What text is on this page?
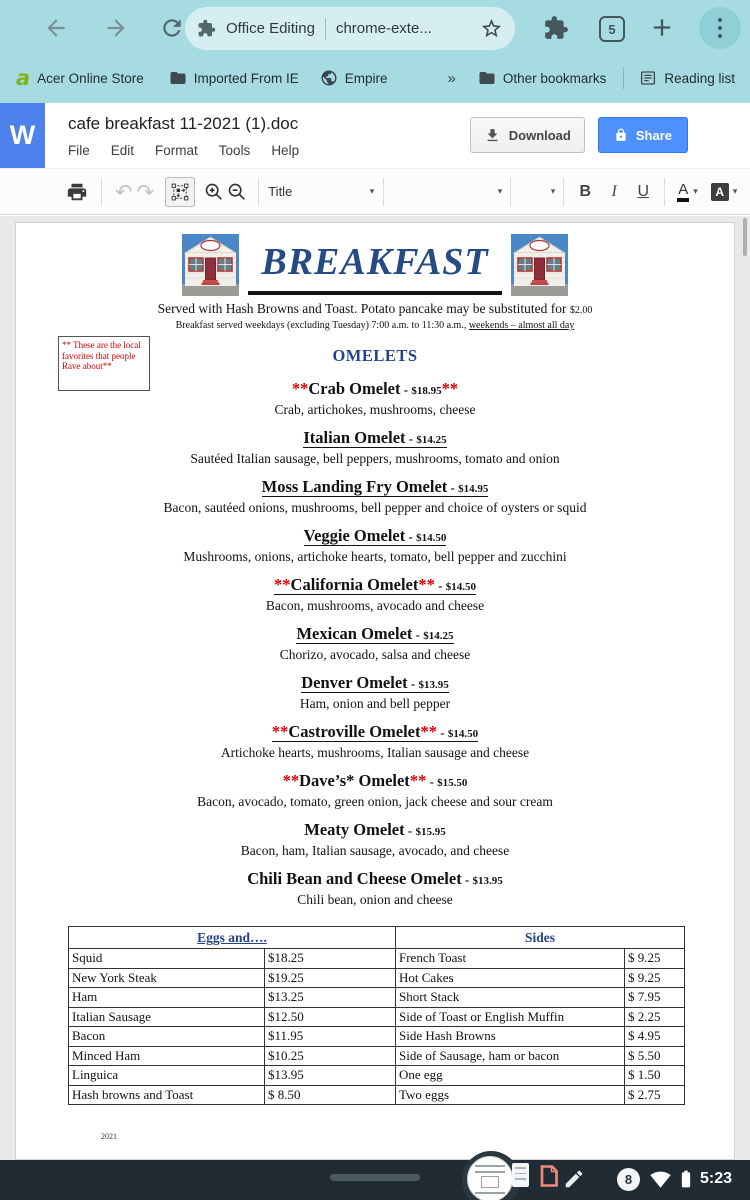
Office Editing chrome-exte...	5
a Acer Online Store	Imported From IE	Empire	»	Other bookmarks	Reading list
W	cafe breakfast 11-2021 (1).doc
File Edit Format Tools Help
Download	Share
↶ ↷	Title	▾	▾	▾	B	I	U	A ▾	A ▾
BREAKFAST
Served with Hash Browns and Toast. Potato pancake may be substituted for $2.00
Breakfast served weekdays (excluding Tuesday) 7:00 a.m. to 11:30 a.m., weekends – almost all day
** These are the local favorites that people Rave about**
OMELETS
**Crab Omelet - $18.95**
Crab, artichokes, mushrooms, cheese
Italian Omelet - $14.25
Sautéed Italian sausage, bell peppers, mushrooms, tomato and onion
Moss Landing Fry Omelet - $14.95
Bacon, sautéed onions, mushrooms, bell pepper and choice of oysters or squid
Veggie Omelet - $14.50
Mushrooms, onions, artichoke hearts, tomato, bell pepper and zucchini
**California Omelet** - $14.50
Bacon, mushrooms, avocado and cheese
Mexican Omelet - $14.25
Chorizo, avocado, salsa and cheese
Denver Omelet - $13.95
Ham, onion and bell pepper
**Castroville Omelet** - $14.50
Artichoke hearts, mushrooms, Italian sausage and cheese
**Dave’s* Omelet** - $15.50
Bacon, avocado, tomato, green onion, jack cheese and sour cream
Meaty Omelet - $15.95
Bacon, ham, Italian sausage, avocado, and cheese
Chili Bean and Cheese Omelet - $13.95
Chili bean, onion and cheese
Eggs and….		Sides	
Squid	$18.25	French Toast	$ 9.25
New York Steak	$19.25	Hot Cakes	$ 9.25
Ham	$13.25	Short Stack	$ 7.95
Italian Sausage	$12.50	Side of Toast or English Muffin	$ 2.25
Bacon	$11.95	Side Hash Browns	$ 4.95
Minced Ham	$10.25	Side of Sausage, ham or bacon	$ 5.50
Linguica	$13.95	One egg	$ 1.50
Hash browns and Toast	$ 8.50	Two eggs	$ 2.75
2021
8	5:23
